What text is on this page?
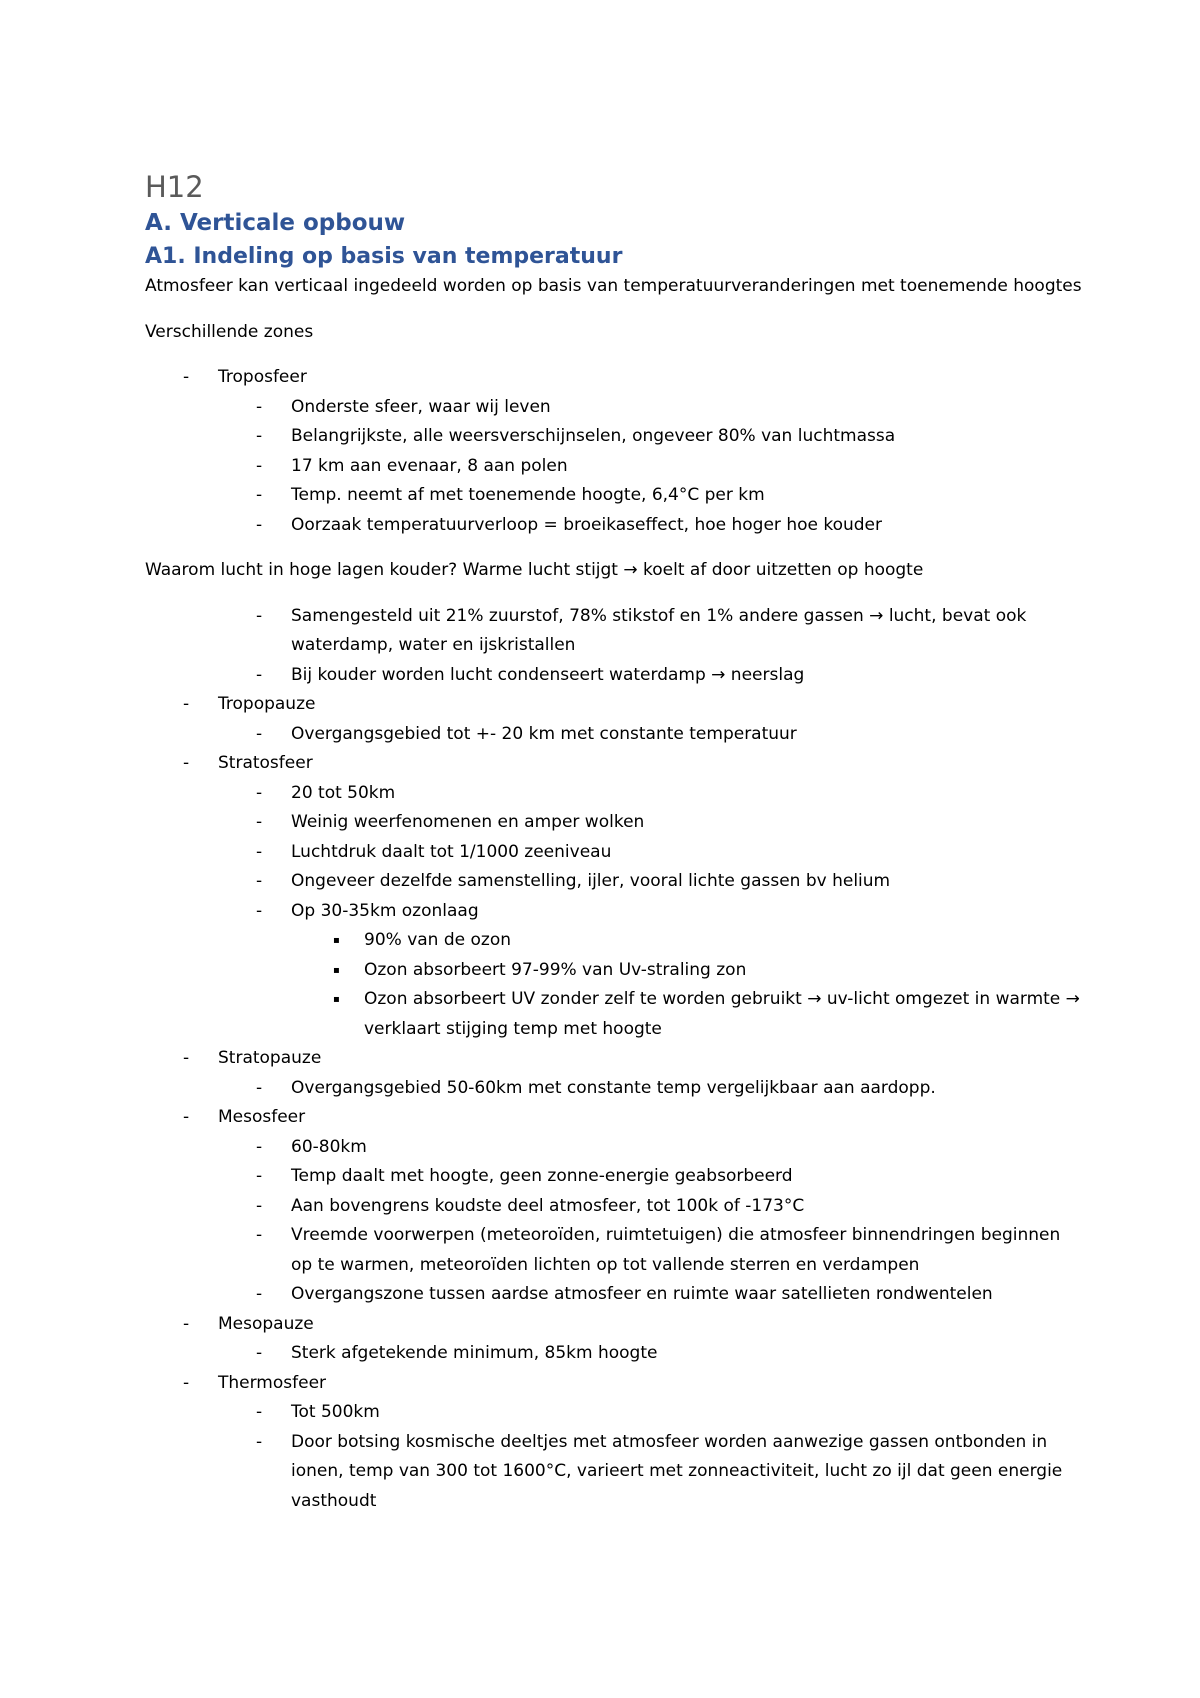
H12
A. Verticale opbouw
A1. Indeling op basis van temperatuur

Atmosfeer kan verticaal ingedeeld worden op basis van temperatuurveranderingen met toenemende hoogtes

Verschillende zones

- Troposfeer
- Onderste sfeer, waar wij leven
- Belangrijkste, alle weersverschijnselen, ongeveer 80% van luchtmassa
- 17 km aan evenaar, 8 aan polen
- Temp. neemt af met toenemende hoogte, 6,4°C per km
- Oorzaak temperatuurverloop = broeikaseffect, hoe hoger hoe kouder

Waarom lucht in hoge lagen kouder? Warme lucht stijgt → koelt af door uitzetten op hoogte

- Samengesteld uit 21% zuurstof, 78% stikstof en 1% andere gassen → lucht, bevat ook waterdamp, water en ijskristallen
- Bij kouder worden lucht condenseert waterdamp → neerslag
- Tropopauze
- Overgangsgebied tot +- 20 km met constante temperatuur
- Stratosfeer
- 20 tot 50km
- Weinig weerfenomenen en amper wolken
- Luchtdruk daalt tot 1/1000 zeeniveau
- Ongeveer dezelfde samenstelling, ijler, vooral lichte gassen bv helium
- Op 30-35km ozonlaag
▪ 90% van de ozon
▪ Ozon absorbeert 97-99% van Uv-straling zon
▪ Ozon absorbeert UV zonder zelf te worden gebruikt → uv-licht omgezet in warmte → verklaart stijging temp met hoogte
- Stratopauze
- Overgangsgebied 50-60km met constante temp vergelijkbaar aan aardopp.
- Mesosfeer
- 60-80km
- Temp daalt met hoogte, geen zonne-energie geabsorbeerd
- Aan bovengrens koudste deel atmosfeer, tot 100k of -173°C
- Vreemde voorwerpen (meteoroïden, ruimtetuigen) die atmosfeer binnendringen beginnen op te warmen, meteoroïden lichten op tot vallende sterren en verdampen
- Overgangszone tussen aardse atmosfeer en ruimte waar satellieten rondwentelen
- Mesopauze
- Sterk afgetekende minimum, 85km hoogte
- Thermosfeer
- Tot 500km
- Door botsing kosmische deeltjes met atmosfeer worden aanwezige gassen ontbonden in ionen, temp van 300 tot 1600°C, varieert met zonneactiviteit, lucht zo ijl dat geen energie vasthoudt
